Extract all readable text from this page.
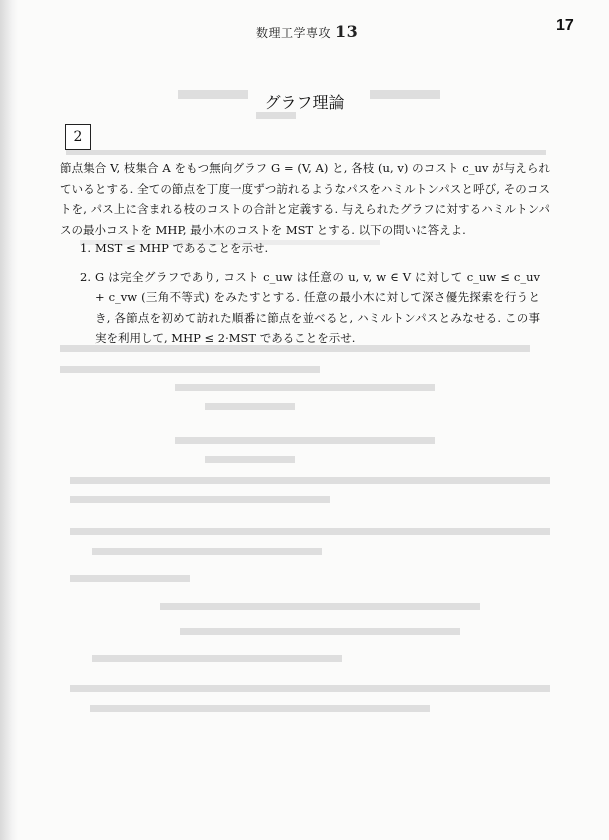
数理工学専攻 13	17
グラフ理論
2
節点集合 V, 枝集合 A をもつ無向グラフ G = (V, A) と, 各枝 (u, v) のコスト c_uv が与えられているとする. 全ての節点を丁度一度ずつ訪れるようなパスをハミルトンパスと呼び, そのコストを, パス上に含まれる枝のコストの合計と定義する. 与えられたグラフに対するハミルトンパスの最小コストを MHP, 最小木のコストを MST とする. 以下の問いに答えよ.
1. MST ≤ MHP であることを示せ.
2. G は完全グラフであり, コスト c_uw は任意の u, v, w ∈ V に対して c_uw ≤ c_uv + c_vw (三角不等式) をみたすとする. 任意の最小木に対して深さ優先探索を行うとき, 各節点を初めて訪れた順番に節点を並べると, ハミルトンパスとみなせる. この事実を利用して, MHP ≤ 2·MST であることを示せ.
